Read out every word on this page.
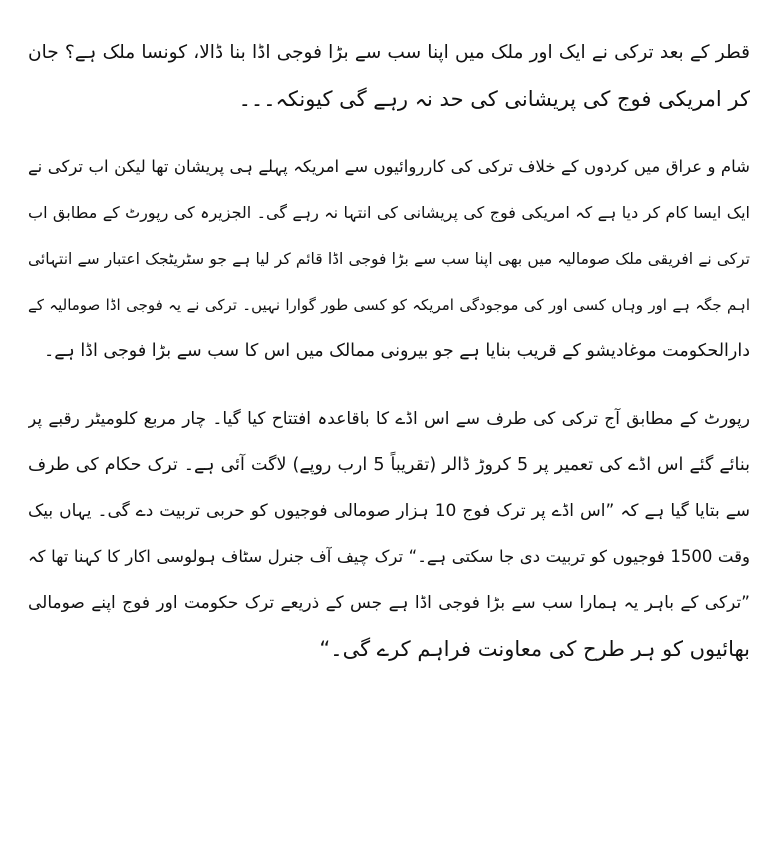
قطر کے بعد ترکی نے ایک اور ملک میں اپنا سب سے بڑا فوجی اڈا بنا ڈالا، کونسا ملک ہے؟ جان
کر امریکی فوج کی پریشانی کی حد نہ رہے گی کیونکہ۔۔۔
شام و عراق میں کردوں کے خلاف ترکی کی کارروائیوں سے امریکہ پہلے ہی پریشان تھا لیکن اب ترکی نے
ایک ایسا کام کر دیا ہے کہ امریکی فوج کی پریشانی کی انتہا نہ رہے گی۔ الجزیرہ کی رپورٹ کے مطابق اب
ترکی نے افریقی ملک صومالیہ میں بھی اپنا سب سے بڑا فوجی اڈا قائم کر لیا ہے جو سٹریٹجک اعتبار سے انتہائی
اہم جگہ ہے اور وہاں کسی اور کی موجودگی امریکہ کو کسی طور گوارا نہیں۔ ترکی نے یہ فوجی اڈا صومالیہ کے
دارالحکومت موغادیشو کے قریب بنایا ہے جو بیرونی ممالک میں اس کا سب سے بڑا فوجی اڈا ہے۔
رپورٹ کے مطابق آج ترکی کی طرف سے اس اڈے کا باقاعدہ افتتاح کیا گیا۔ چار مربع کلومیٹر رقبے پر
بنائے گئے اس اڈے کی تعمیر پر 5 کروڑ ڈالر (تقریباً 5 ارب روپے) لاگت آئی ہے۔ ترک حکام کی طرف
سے بتایا گیا ہے کہ ”اس اڈے پر ترک فوج 10 ہزار صومالی فوجیوں کو حربی تربیت دے گی۔ یہاں بیک
وقت 1500 فوجیوں کو تربیت دی جا سکتی ہے۔“ ترک چیف آف جنرل سٹاف ہولوسی اکار کا کہنا تھا کہ
”ترکی کے باہر یہ ہمارا سب سے بڑا فوجی اڈا ہے جس کے ذریعے ترک حکومت اور فوج اپنے صومالی
بھائیوں کو ہر طرح کی معاونت فراہم کرے گی۔“
